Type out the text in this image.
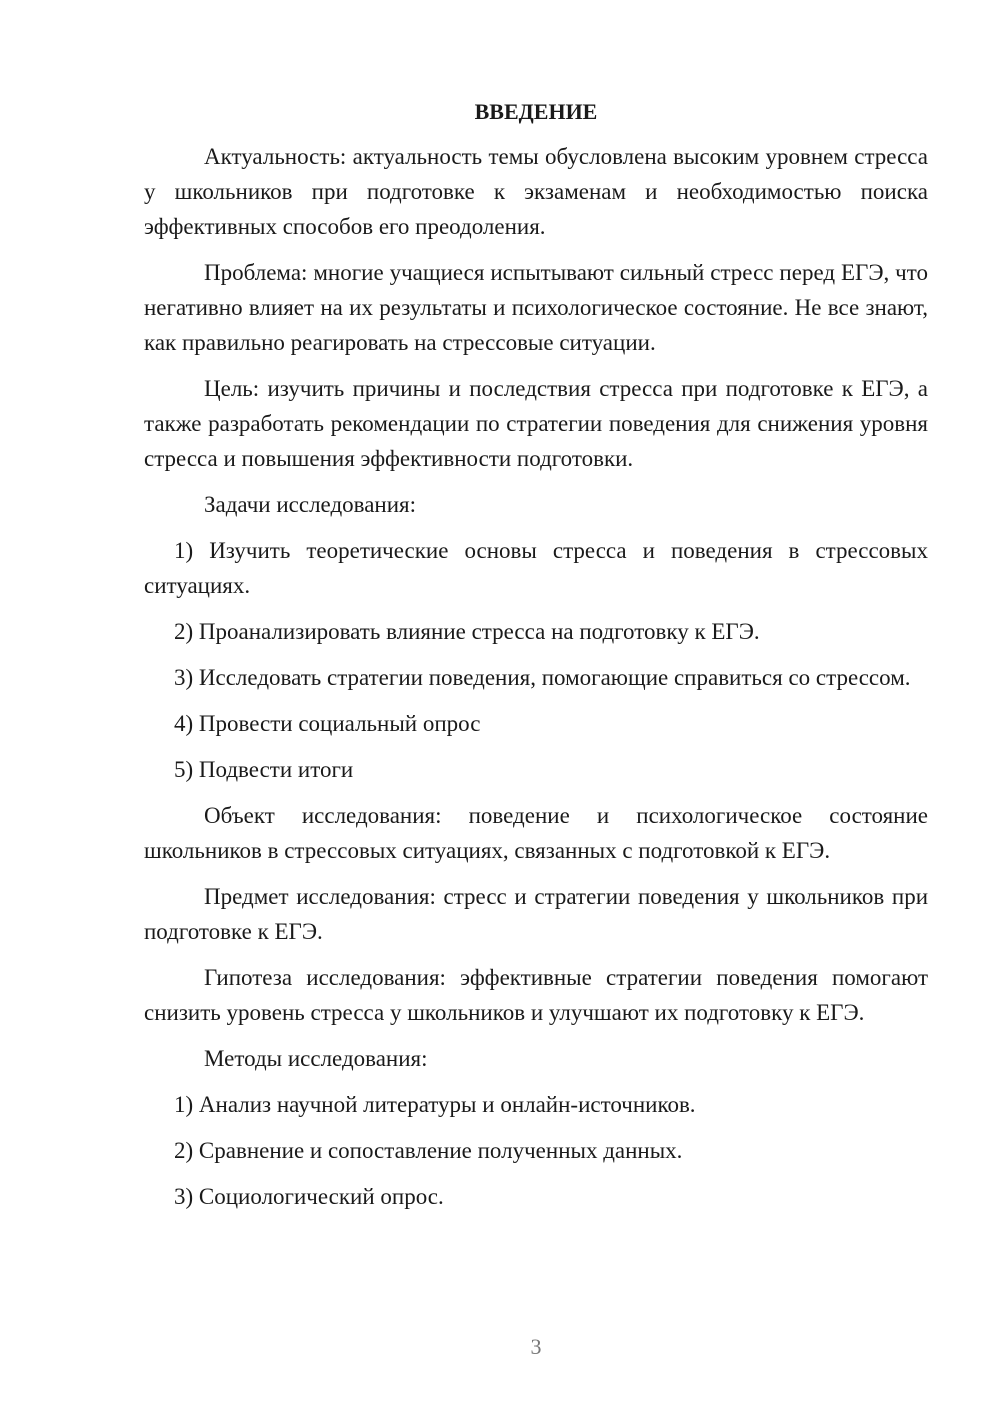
ВВЕДЕНИЕ

Актуальность: актуальность темы обусловлена высоким уровнем стресса у школьников при подготовке к экзаменам и необходимостью поиска эффективных способов его преодоления.

Проблема: многие учащиеся испытывают сильный стресс перед ЕГЭ, что негативно влияет на их результаты и психологическое состояние. Не все знают, как правильно реагировать на стрессовые ситуации.

Цель: изучить причины и последствия стресса при подготовке к ЕГЭ, а также разработать рекомендации по стратегии поведения для снижения уровня стресса и повышения эффективности подготовки.

Задачи исследования:

1) Изучить теоретические основы стресса и поведения в стрессовых ситуациях.

2) Проанализировать влияние стресса на подготовку к ЕГЭ.

3) Исследовать стратегии поведения, помогающие справиться со стрессом.

4) Провести социальный опрос

5) Подвести итоги

Объект исследования: поведение и психологическое состояние школьников в стрессовых ситуациях, связанных с подготовкой к ЕГЭ.

Предмет исследования: стресс и стратегии поведения у школьников при подготовке к ЕГЭ.

Гипотеза исследования: эффективные стратегии поведения помогают снизить уровень стресса у школьников и улучшают их подготовку к ЕГЭ.

Методы исследования:

1) Анализ научной литературы и онлайн-источников.

2) Сравнение и сопоставление полученных данных.

3) Социологический опрос.

3
